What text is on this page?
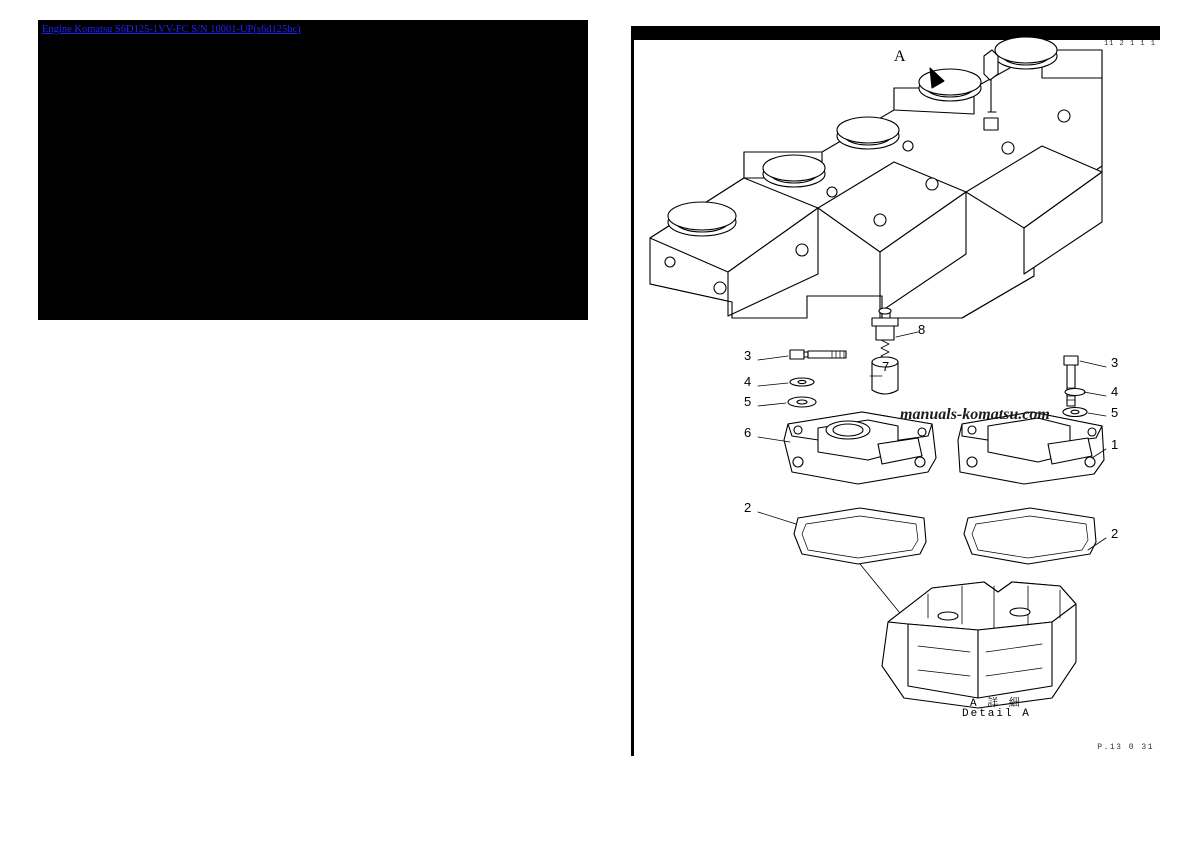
Engine Komatsu S6D125-1VV-FC S/N 10001-UP(s6d125bc)
11 2 1 1 1
A
manuals-komatsu.com
8
7
3
4
5
6
3
4
5
1
2
2
A 詳 細
Detail A
P.13 0 31
